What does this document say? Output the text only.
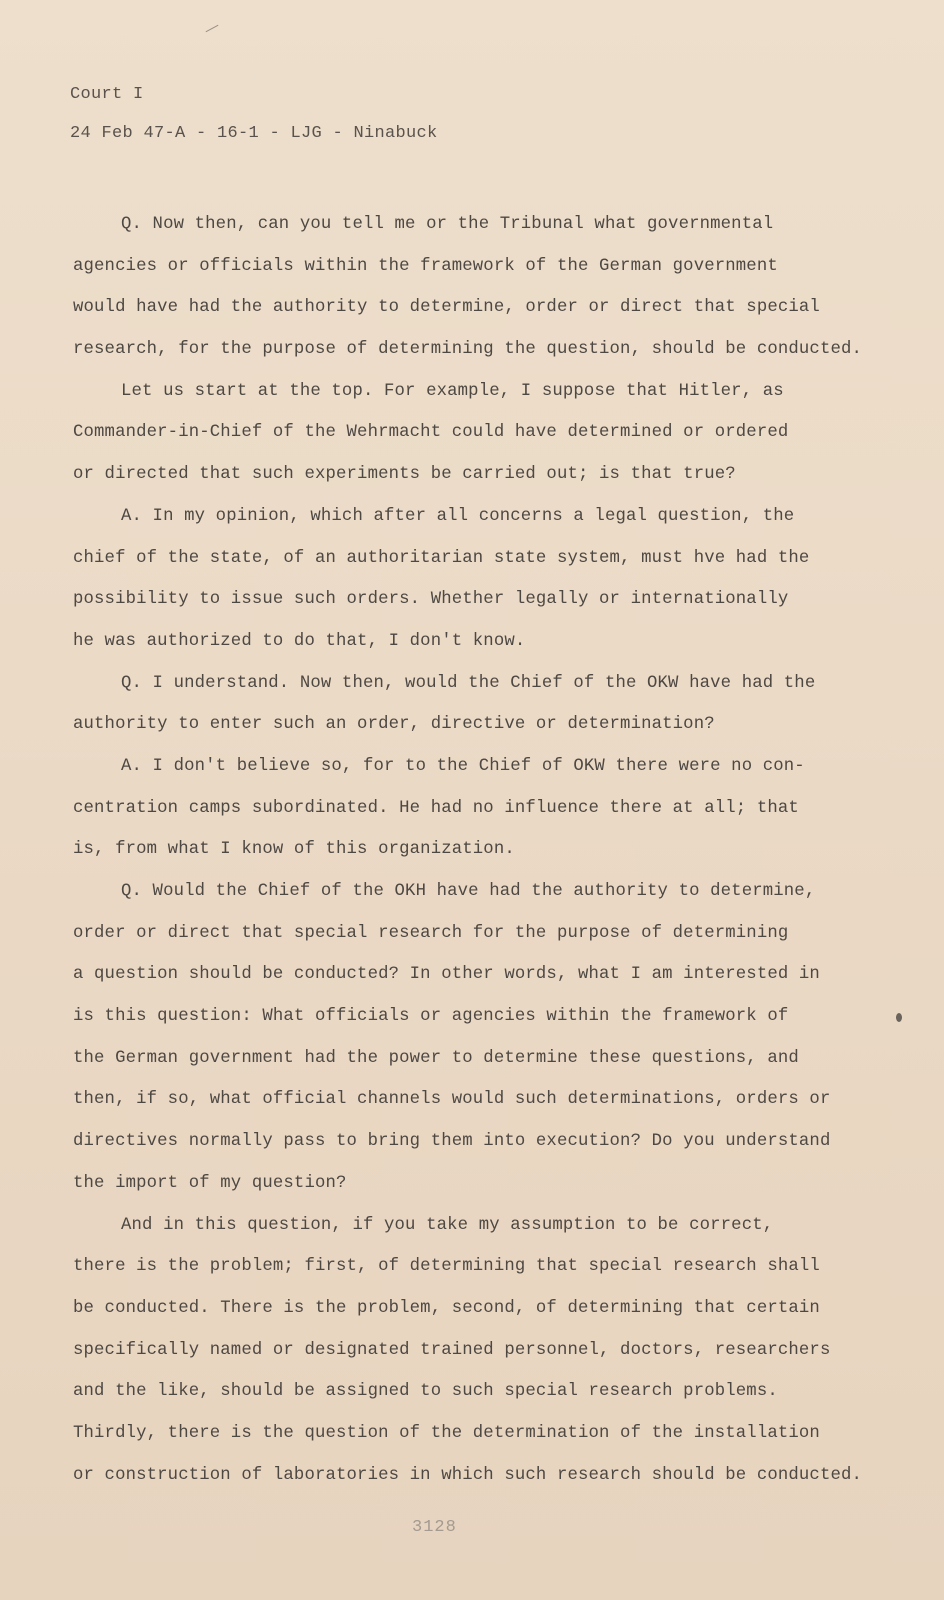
Court I
24 Feb 47-A - 16-1 - LJG - Ninabuck
Q. Now then, can you tell me or the Tribunal what governmental
agencies or officials within the framework of the German government
would have had the authority to determine, order or direct that special
research, for the purpose of determining the question, should be conducted.
Let us start at the top. For example, I suppose that Hitler, as
Commander-in-Chief of the Wehrmacht could have determined or ordered
or directed that such experiments be carried out; is that true?
A. In my opinion, which after all concerns a legal question, the
chief of the state, of an authoritarian state system, must hve had the
possibility to issue such orders. Whether legally or internationally
he was authorized to do that, I don't know.
Q. I understand. Now then, would the Chief of the OKW have had the
authority to enter such an order, directive or determination?
A. I don't believe so, for to the Chief of OKW there were no con-
centration camps subordinated. He had no influence there at all; that
is, from what I know of this organization.
Q. Would the Chief of the OKH have had the authority to determine,
order or direct that special research for the purpose of determining
a question should be conducted? In other words, what I am interested in
is this question: What officials or agencies within the framework of
the German government had the power to determine these questions, and
then, if so, what official channels would such determinations, orders or
directives normally pass to bring them into execution? Do you understand
the import of my question?
And in this question, if you take my assumption to be correct,
there is the problem; first, of determining that special research shall
be conducted. There is the problem, second, of determining that certain
specifically named or designated trained personnel, doctors, researchers
and the like, should be assigned to such special research problems.
Thirdly, there is the question of the determination of the installation
or construction of laboratories in which such research should be conducted.
3128
